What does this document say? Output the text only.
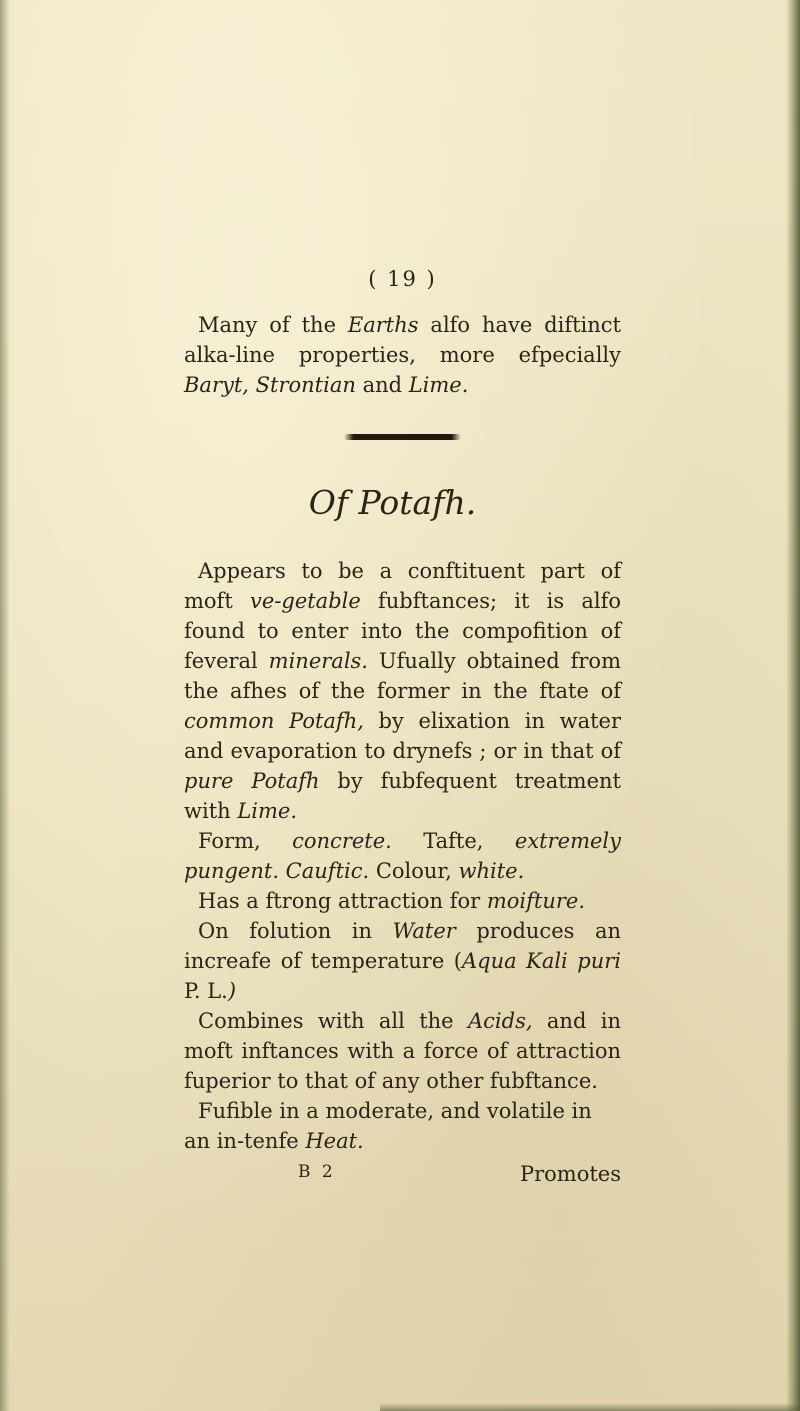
( 19 )

Many of the Earths alfo have diftinct alka-line properties, more efpecially Baryt, Strontian and Lime.

Of Potafh.

Appears to be a conftituent part of moft ve-getable fubftances; it is alfo found to enter into the compofition of feveral minerals. Ufually obtained from the afhes of the former in the ftate of common Potafh, by elixation in water and evaporation to drynefs ; or in that of pure Potafh by fubfequent treatment with Lime.

Form, concrete. Tafte, extremely pungent. Cauftic. Colour, white.

Has a ftrong attraction for moifture.

On folution in Water produces an increafe of temperature (Aqua Kali puri P. L.)

Combines with all the Acids, and in moft inftances with a force of attraction fuperior to that of any other fubftance.

Fufible in a moderate, and volatile in an in-tenfe Heat.

B 2	Promotes
